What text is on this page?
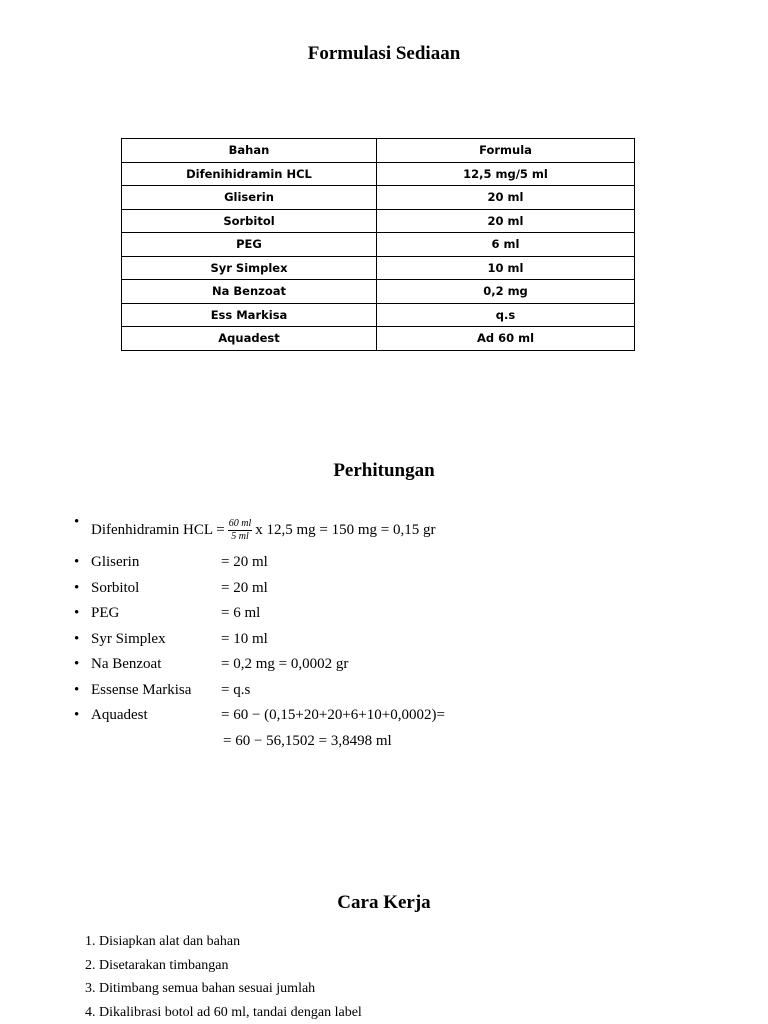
Formulasi Sediaan
Bahan	Formula
Difenihidramin HCL	12,5 mg/5 ml
Gliserin	20 ml
Sorbitol	20 ml
PEG	6 ml
Syr Simplex	10 ml
Na Benzoat	0,2 mg
Ess Markisa	q.s
Aquadest	Ad 60 ml
Perhitungan
• Difenhidramin HCL = $\frac{60 ml}{5 ml}$ x 12,5 mg = 150 mg = 0,15 gr
• Gliserin	= 20 ml
• Sorbitol	= 20 ml
• PEG	= 6 ml
• Syr Simplex	= 10 ml
• Na Benzoat	= 0,2 mg = 0,0002 gr
• Essense Markisa = q.s
• Aquadest	= 60 − (0,15+20+20+6+10+0,0002)=
= 60 − 56,1502 = 3,8498 ml
Cara Kerja
1. Disiapkan alat dan bahan
2. Disetarakan timbangan
3. Ditimbang semua bahan sesuai jumlah
4. Dikalibrasi botol ad 60 ml, tandai dengan label
